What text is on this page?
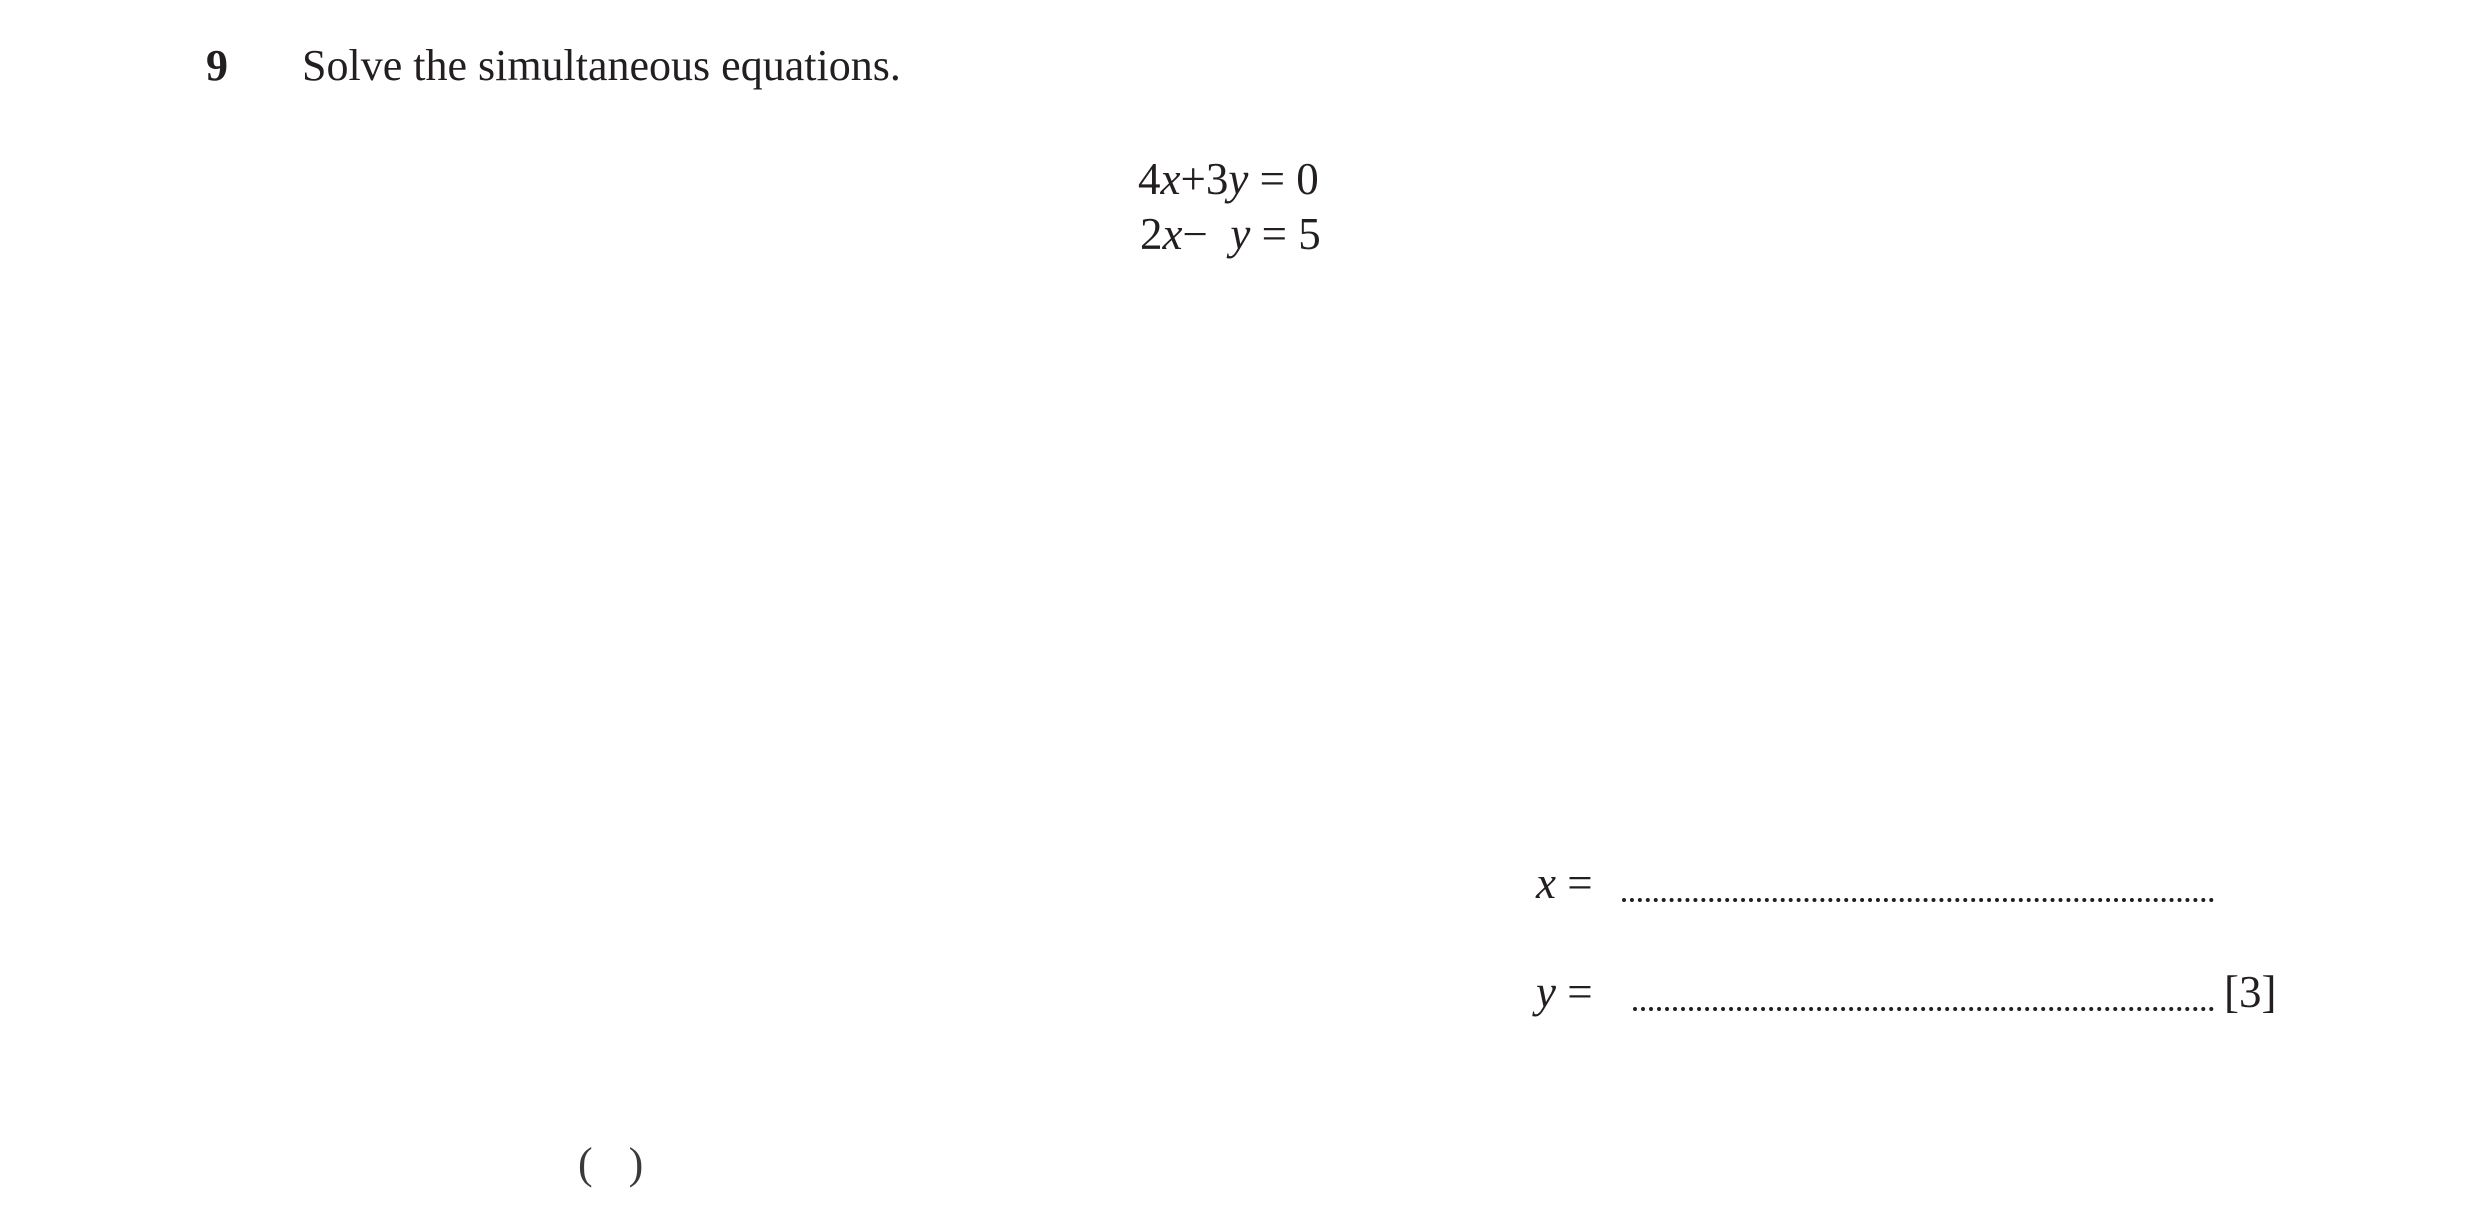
9 Solve the simultaneous equations.
4x+3y = 0
2x− y = 5
x =
y =	[3]
()
